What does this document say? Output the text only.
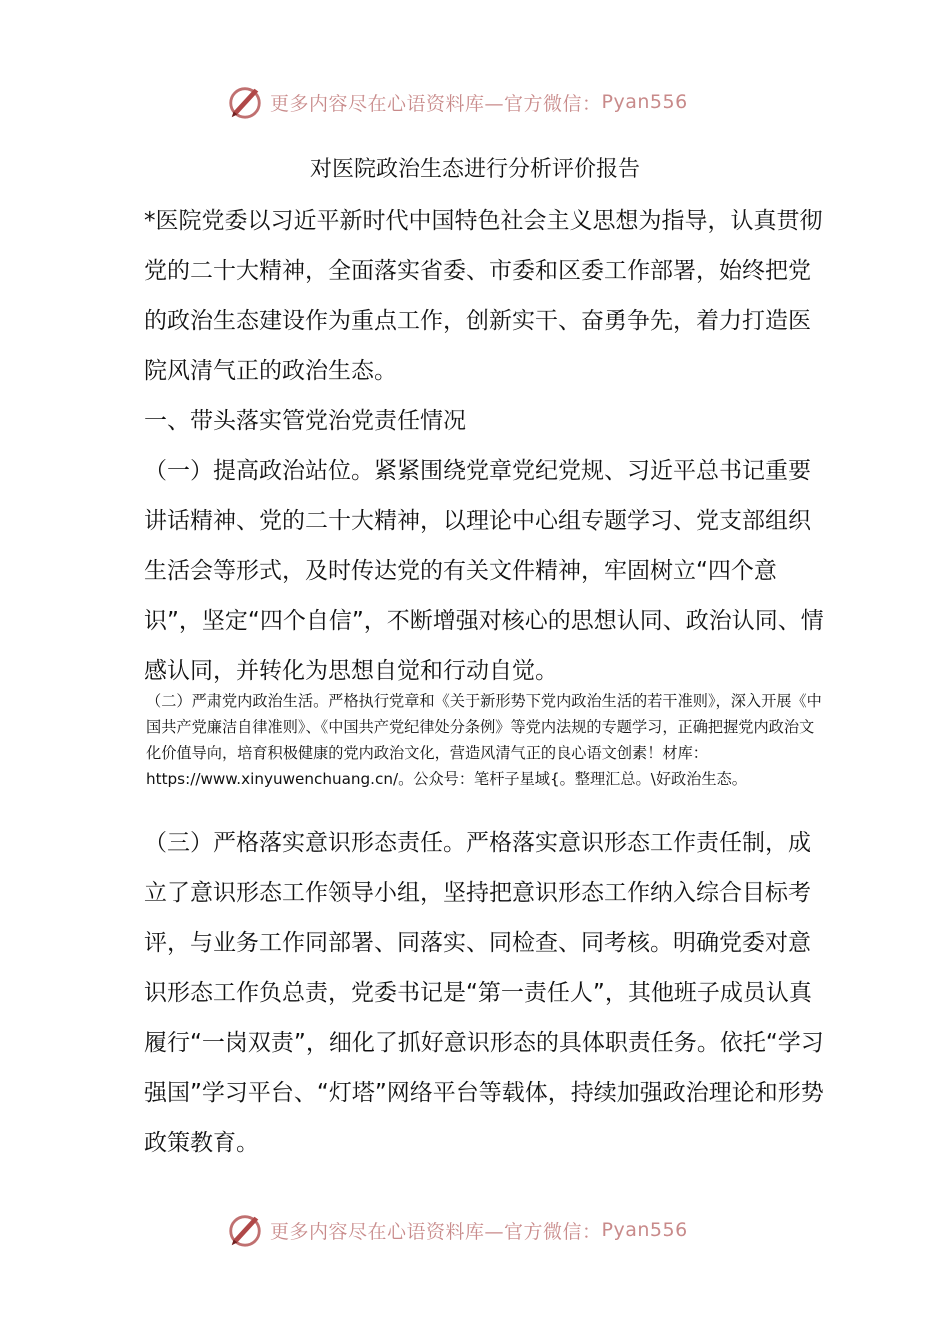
更多内容尽在心语资料库—官方微信： Pyan556
对医院政治生态进行分析评价报告

*医院党委以习近平新时代中国特色社会主义思想为指导，认真贯彻党的二十大精神，全面落实省委、市委和区委工作部署，始终把党的政治生态建设作为重点工作，创新实干、奋勇争先，着力打造医院风清气正的政治生态。

一、带头落实管党治党责任情况

（一）提高政治站位。紧紧围绕党章党纪党规、习近平总书记重要讲话精神、党的二十大精神，以理论中心组专题学习、党支部组织生活会等形式，及时传达党的有关文件精神，牢固树立“四个意识”，坚定“四个自信”，不断增强对核心的思想认同、政治认同、情感认同，并转化为思想自觉和行动自觉。

（二）严肃党内政治生活。严格执行党章和《关于新形势下党内政治生活的若干准则》，深入开展《中国共产党廉洁自律准则》、《中国共产党纪律处分条例》等党内法规的专题学习，正确把握党内政治文化价值导向，培育积极健康的党内政治文化，营造风清气正的良心语文创素！材库：https://www.xinyuwenchuang.cn/。公众号：笔杆子星域{。整理汇总。\好政治生态。

（三）严格落实意识形态责任。严格落实意识形态工作责任制，成立了意识形态工作领导小组，坚持把意识形态工作纳入综合目标考评，与业务工作同部署、同落实、同检查、同考核。明确党委对意识形态工作负总责，党委书记是“第一责任人”，其他班子成员认真履行“一岗双责”，细化了抓好意识形态的具体职责任务。依托“学习强国”学习平台、“灯塔”网络平台等载体，持续加强政治理论和形势政策教育。

更多内容尽在心语资料库—官方微信： Pyan556
